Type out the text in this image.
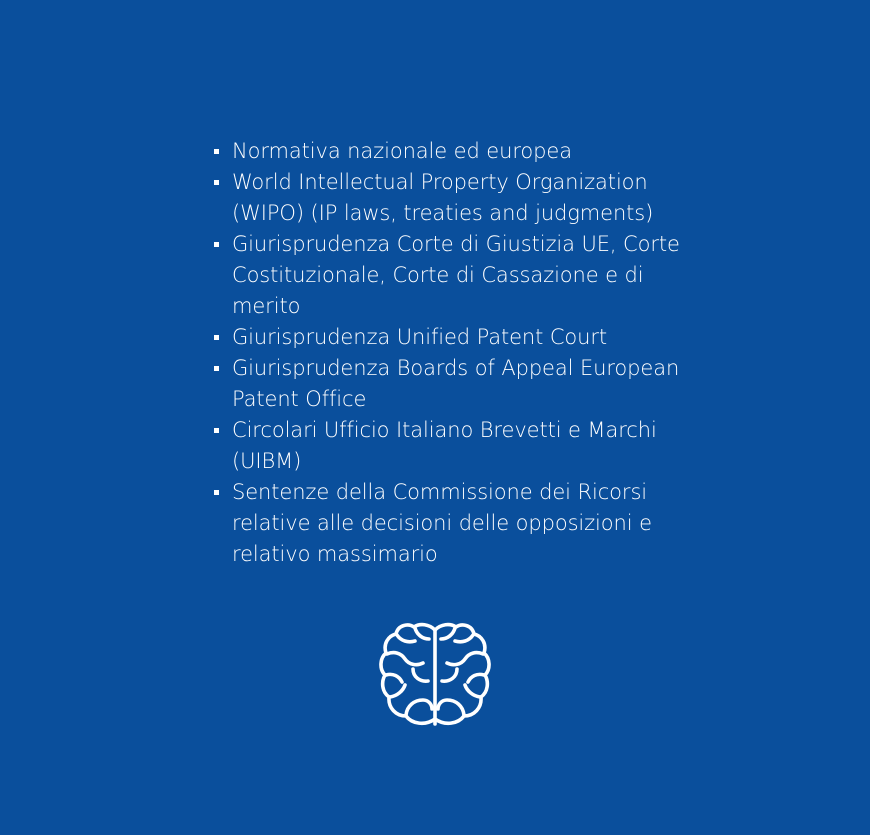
Normativa nazionale ed europea
World Intellectual Property Organization (WIPO) (IP laws, treaties and judgments)
Giurisprudenza Corte di Giustizia UE, Corte Costituzionale, Corte di Cassazione e di merito
Giurisprudenza Unified Patent Court
Giurisprudenza Boards of Appeal European Patent Office
Circolari Ufficio Italiano Brevetti e Marchi (UIBM)
Sentenze della Commissione dei Ricorsi relative alle decisioni delle opposizioni e relativo massimario
